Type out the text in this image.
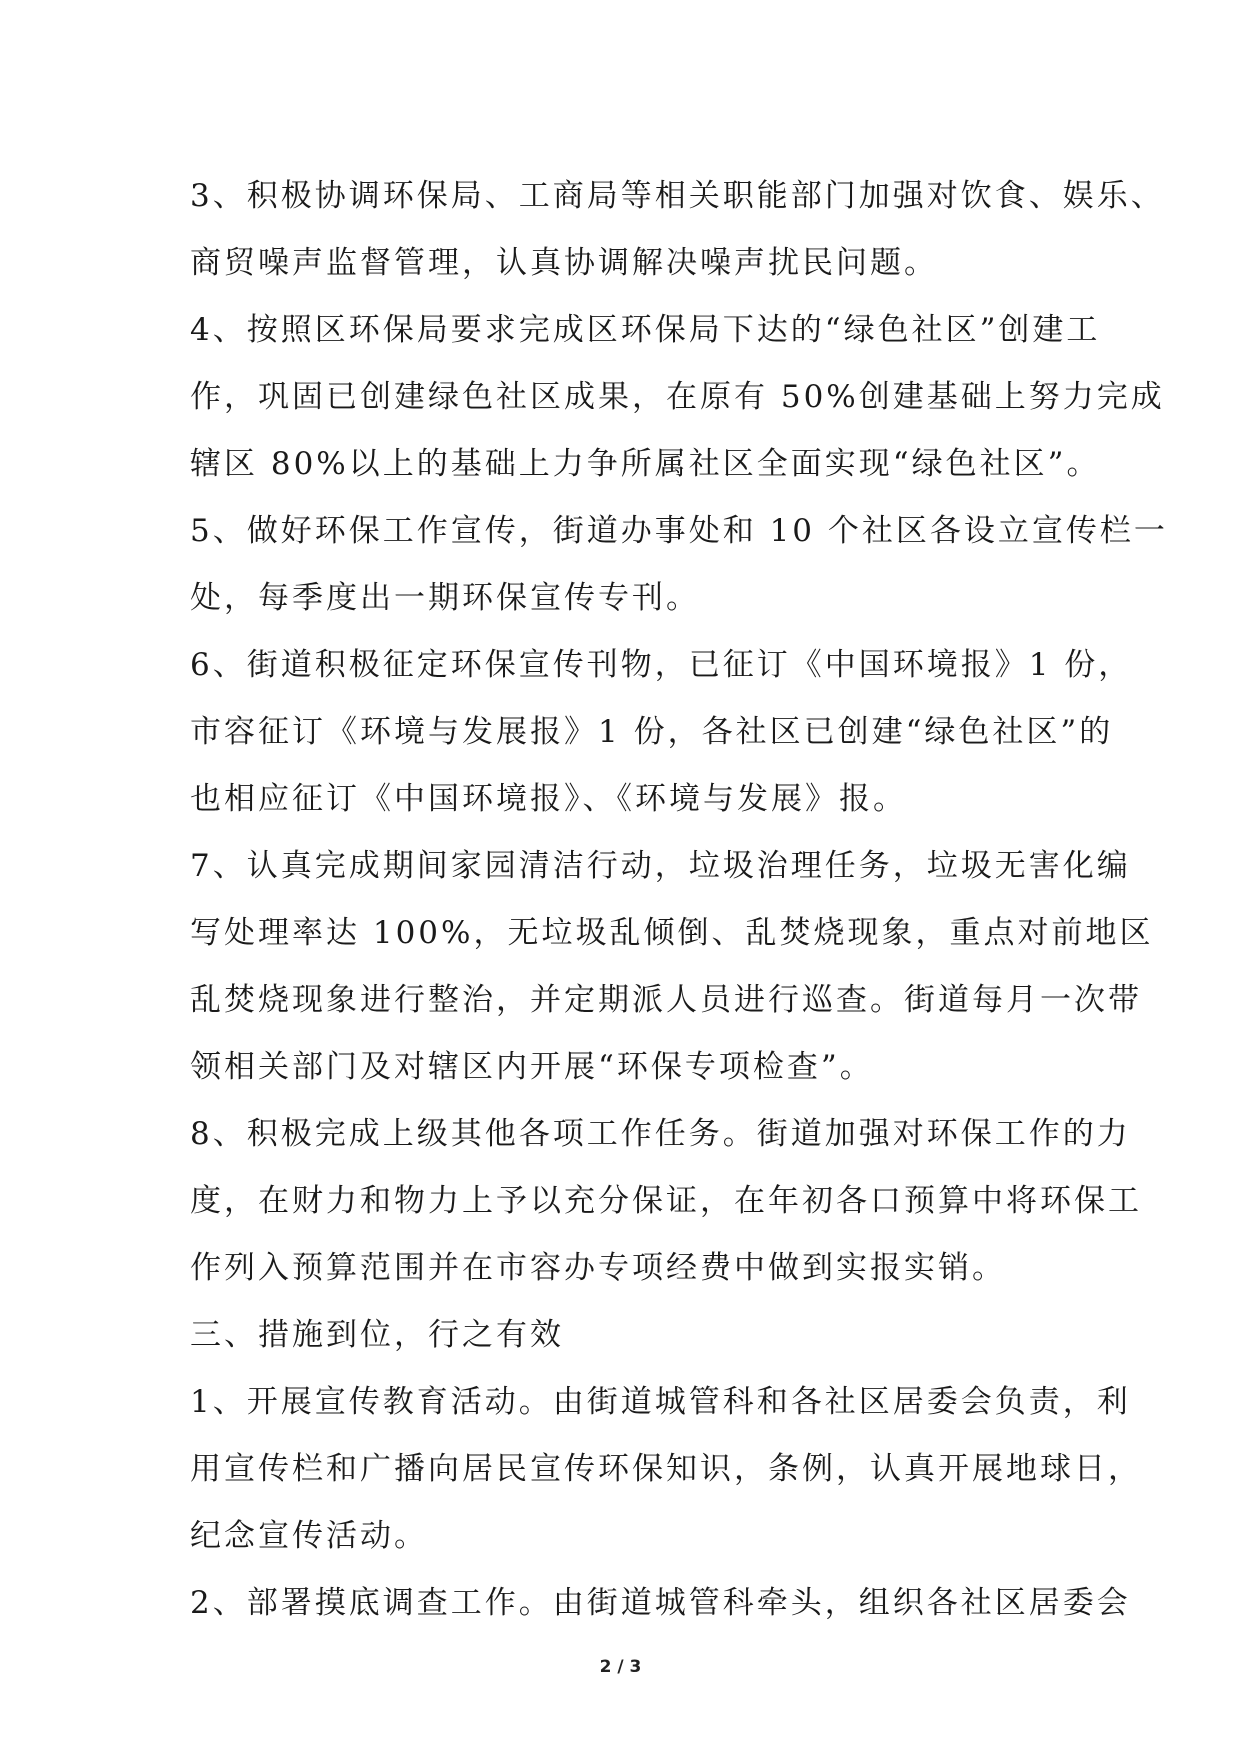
3、积极协调环保局、工商局等相关职能部门加强对饮食、娱乐、
商贸噪声监督管理，认真协调解决噪声扰民问题。
4、按照区环保局要求完成区环保局下达的“绿色社区”创建工
作，巩固已创建绿色社区成果，在原有 50%创建基础上努力完成
辖区 80%以上的基础上力争所属社区全面实现“绿色社区”。
5、做好环保工作宣传，街道办事处和 10 个社区各设立宣传栏一
处，每季度出一期环保宣传专刊。
6、街道积极征定环保宣传刊物，已征订《中国环境报》1 份，
市容征订《环境与发展报》1 份，各社区已创建“绿色社区”的
也相应征订《中国环境报》、《环境与发展》报。
7、认真完成期间家园清洁行动，垃圾治理任务，垃圾无害化编
写处理率达 100%，无垃圾乱倾倒、乱焚烧现象，重点对前地区
乱焚烧现象进行整治，并定期派人员进行巡查。街道每月一次带
领相关部门及对辖区内开展“环保专项检查”。
8、积极完成上级其他各项工作任务。街道加强对环保工作的力
度，在财力和物力上予以充分保证，在年初各口预算中将环保工
作列入预算范围并在市容办专项经费中做到实报实销。
三、措施到位，行之有效
1、开展宣传教育活动。由街道城管科和各社区居委会负责，利
用宣传栏和广播向居民宣传环保知识，条例，认真开展地球日，
纪念宣传活动。
2、部署摸底调查工作。由街道城管科牵头，组织各社区居委会
2 / 3
